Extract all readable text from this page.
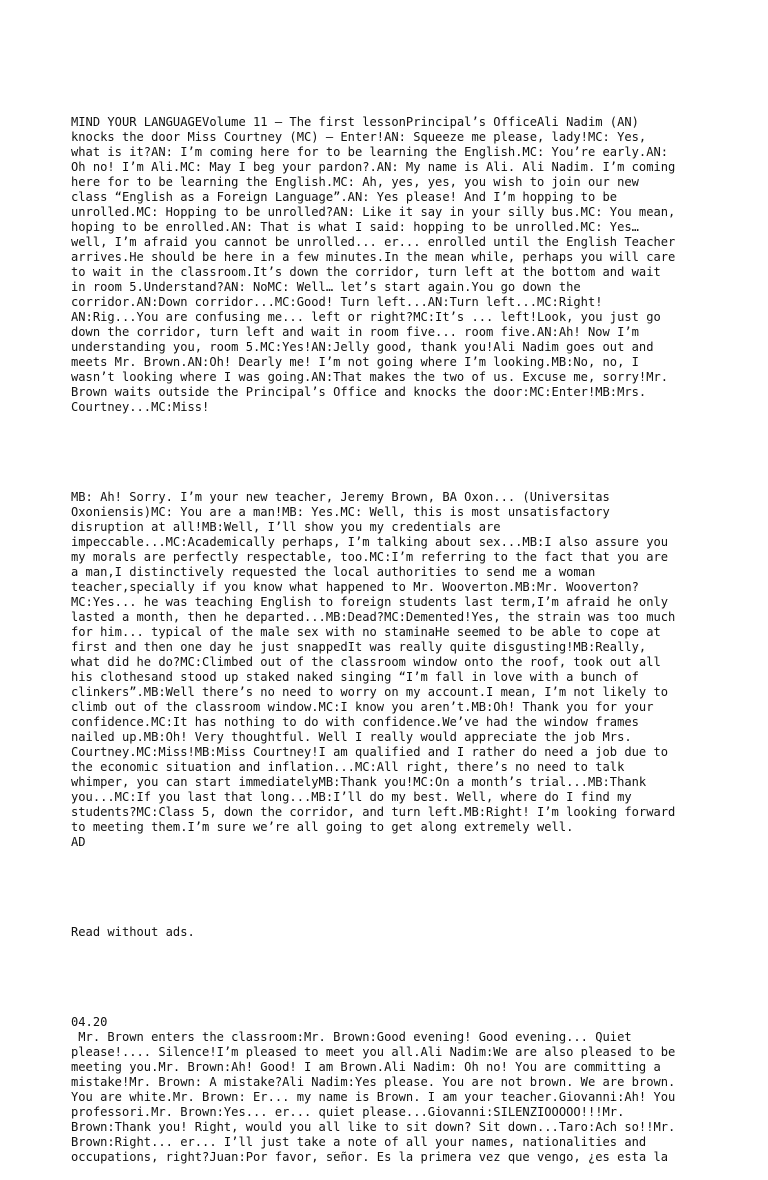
MIND YOUR LANGUAGEVolume 11 – The first lessonPrincipal’s OfficeAli Nadim (AN)
knocks the door Miss Courtney (MC) – Enter!AN: Squeeze me please, lady!MC: Yes,
what is it?AN: I’m coming here for to be learning the English.MC: You’re early.AN:
Oh no! I’m Ali.MC: May I beg your pardon?.AN: My name is Ali. Ali Nadim. I’m coming
here for to be learning the English.MC: Ah, yes, yes, you wish to join our new
class “English as a Foreign Language”.AN: Yes please! And I’m hopping to be
unrolled.MC: Hopping to be unrolled?AN: Like it say in your silly bus.MC: You mean,
hoping to be enrolled.AN: That is what I said: hopping to be unrolled.MC: Yes…
well, I’m afraid you cannot be unrolled... er... enrolled until the English Teacher
arrives.He should be here in a few minutes.In the mean while, perhaps you will care
to wait in the classroom.It’s down the corridor, turn left at the bottom and wait
in room 5.Understand?AN: NoMC: Well… let’s start again.You go down the
corridor.AN:Down corridor...MC:Good! Turn left...AN:Turn left...MC:Right!
AN:Rig...You are confusing me... left or right?MC:It’s ... left!Look, you just go
down the corridor, turn left and wait in room five... room five.AN:Ah! Now I’m
understanding you, room 5.MC:Yes!AN:Jelly good, thank you!Ali Nadim goes out and
meets Mr. Brown.AN:Oh! Dearly me! I’m not going where I’m looking.MB:No, no, I
wasn’t looking where I was going.AN:That makes the two of us. Excuse me, sorry!Mr.
Brown waits outside the Principal’s Office and knocks the door:MC:Enter!MB:Mrs.
Courtney...MC:Miss!

MB: Ah! Sorry. I’m your new teacher, Jeremy Brown, BA Oxon... (Universitas
Oxoniensis)MC: You are a man!MB: Yes.MC: Well, this is most unsatisfactory
disruption at all!MB:Well, I’ll show you my credentials are
impeccable...MC:Academically perhaps, I’m talking about sex...MB:I also assure you
my morals are perfectly respectable, too.MC:I’m referring to the fact that you are
a man,I distinctively requested the local authorities to send me a woman
teacher,specially if you know what happened to Mr. Wooverton.MB:Mr. Wooverton?
MC:Yes... he was teaching English to foreign students last term,I’m afraid he only
lasted a month, then he departed...MB:Dead?MC:Demented!Yes, the strain was too much
for him... typical of the male sex with no staminaHe seemed to be able to cope at
first and then one day he just snappedIt was really quite disgusting!MB:Really,
what did he do?MC:Climbed out of the classroom window onto the roof, took out all
his clothesand stood up staked naked singing “I’m fall in love with a bunch of
clinkers”.MB:Well there’s no need to worry on my account.I mean, I’m not likely to
climb out of the classroom window.MC:I know you aren’t.MB:Oh! Thank you for your
confidence.MC:It has nothing to do with confidence.We’ve had the window frames
nailed up.MB:Oh! Very thoughtful. Well I really would appreciate the job Mrs.
Courtney.MC:Miss!MB:Miss Courtney!I am qualified and I rather do need a job due to
the economic situation and inflation...MC:All right, there’s no need to talk
whimper, you can start immediatelyMB:Thank you!MC:On a month’s trial...MB:Thank
you...MC:If you last that long...MB:I’ll do my best. Well, where do I find my
students?MC:Class 5, down the corridor, and turn left.MB:Right! I’m looking forward
to meeting them.I’m sure we’re all going to get along extremely well.
AD

Read without ads.

04.20
Mr. Brown enters the classroom:Mr. Brown:Good evening! Good evening... Quiet
please!.... Silence!I’m pleased to meet you all.Ali Nadim:We are also pleased to be
meeting you.Mr. Brown:Ah! Good! I am Brown.Ali Nadim: Oh no! You are committing a
mistake!Mr. Brown: A mistake?Ali Nadim:Yes please. You are not brown. We are brown.
You are white.Mr. Brown: Er... my name is Brown. I am your teacher.Giovanni:Ah! You
professori.Mr. Brown:Yes... er... quiet please...Giovanni:SILENZIOOOOO!!!Mr.
Brown:Thank you! Right, would you all like to sit down? Sit down...Taro:Ach so!!Mr.
Brown:Right... er... I’ll just take a note of all your names, nationalities and
occupations, right?Juan:Por favor, señor. Es la primera vez que vengo, ¿es esta la
